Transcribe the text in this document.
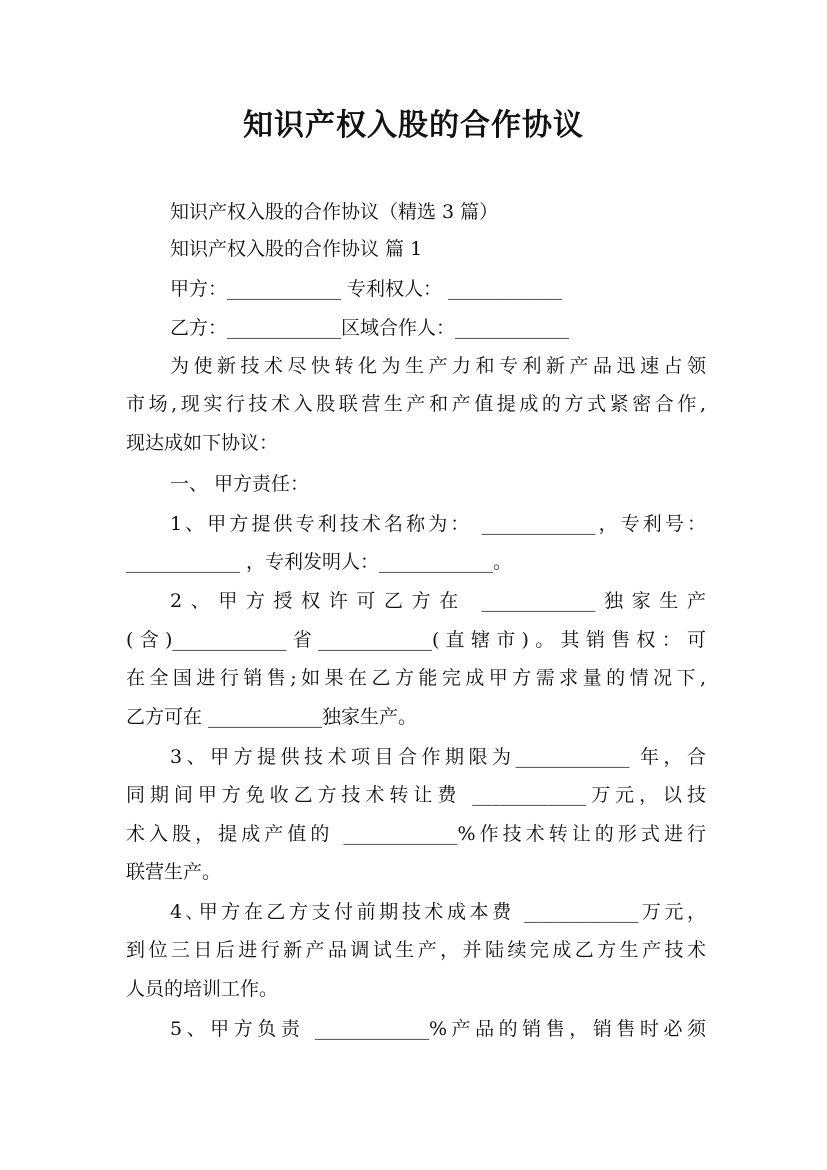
知识产权入股的合作协议
知识产权入股的合作协议（精选 3 篇）
知识产权入股的合作协议 篇 1
甲方：____________ 专利权人： ____________
乙方：____________区域合作人：____________
为使新技术尽快转化为生产力和专利新产品迅速占领
市场,现实行技术入股联营生产和产值提成的方式紧密合作,
现达成如下协议：
一、 甲方责任：
1、甲方提供专利技术名称为： ____________，专利号：
____________ ，专利发明人：____________。
2、甲方授权许可乙方在 ____________独家生产
(含)____________省____________(直辖市)。其销售权：可
在全国进行销售;如果在乙方能完成甲方需求量的情况下,
乙方可在 ____________独家生产。
3、甲方提供技术项目合作期限为____________ 年，合
同期间甲方免收乙方技术转让费 ____________万元，以技
术入股，提成产值的 ____________%作技术转让的形式进行
联营生产。
4､甲方在乙方支付前期技术成本费 ____________万元，
到位三日后进行新产品调试生产，并陆续完成乙方生产技术
人员的培训工作。
5、甲方负责 ____________%产品的销售，销售时必须
